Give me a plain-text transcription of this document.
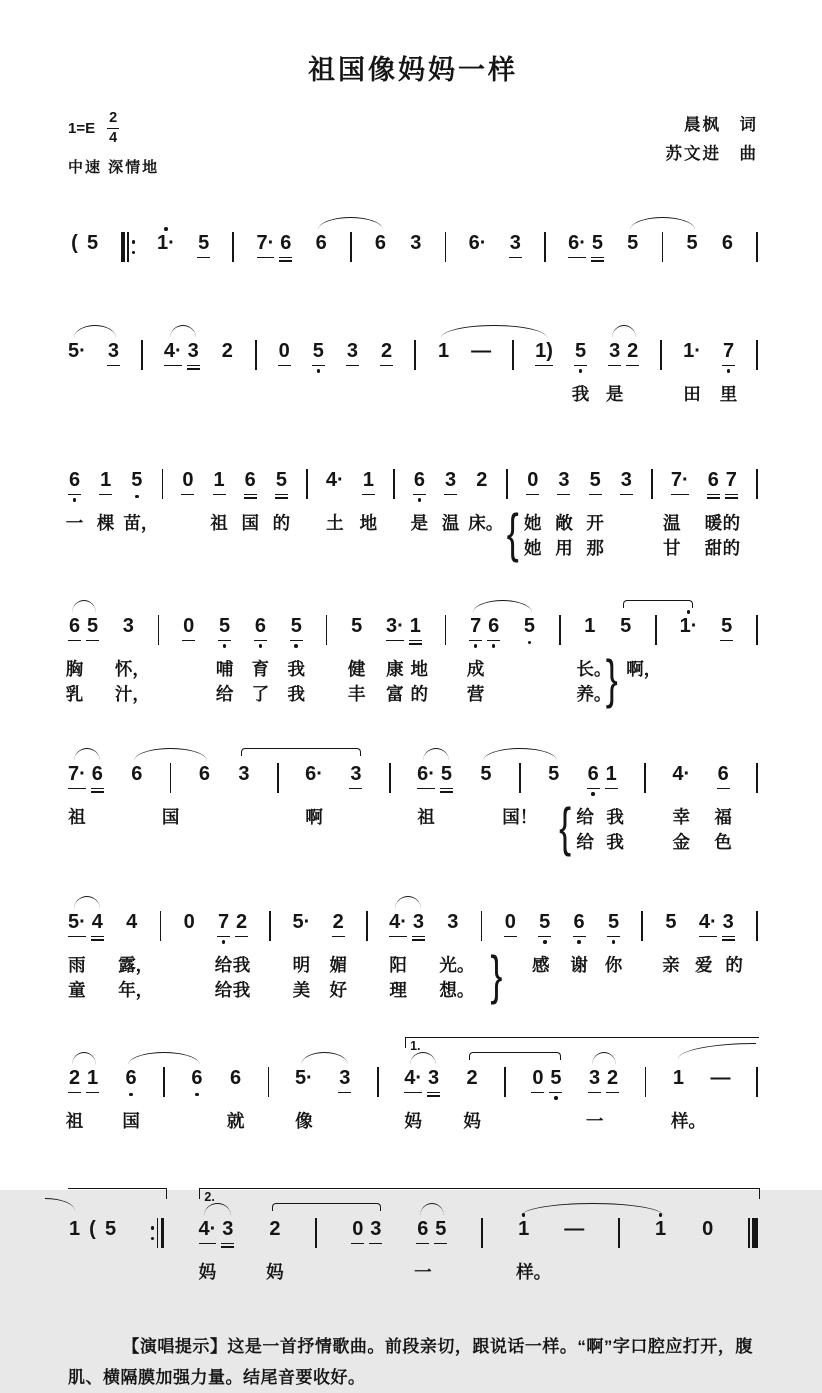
祖国像妈妈一样
1=E
2
4
中速 深情地
晨枫　词
苏文进　曲
( 5	1· 5 7· 6 6 6 3 6· 3 6· 5 5 5 6
5· 3 4· 3 2 0 5 3 2 1 — 1) 5 3 2 1· 7
我 是	田 里
6 1 5 0 1 6 5 4· 1 6 3 2 0 3 5 3 7· 6 7
{
一 棵 苗，	祖 国 的 土 地 是 温 床。 她 敞 开	温 暖 的
她 用 那	甘 甜 的
6 5 3 0 5 6 5 5 3· 1 7 6 5 1 5 1· 5
}
胸 怀，	哺 育 我 健 康 地 成	长。 啊，
乳 汁，	给 了 我 丰 富 的 营	养。
7· 6 6	6 3	6· 3	6· 5 5	5 6 1	4· 6
{
祖	国	啊	祖	国！ 给 我	幸 福
给 我	金 色
5· 4 4 0 7 2 5· 2 4· 3 3 0 5 6 5 5 4· 3
}
雨 露，	给 我 明 媚 阳 光。	感 谢 你 亲 爱 的
童 年，	给 我 美 好 理 想。
2 1 6	6 6	5· 3	4· 3 2	0 5 3 2	1 —
1.
祖 国	就	像	妈 妈	一	样。
1 ( 5	4· 3 2	0 3 6 5	1 —	1 0
2.
妈	妈	一	样。

【演唱提示】这是一首抒情歌曲。前段亲切，跟说话一样。“啊”字口腔应打开，腹肌、横隔膜加强力量。结尾音要收好。
